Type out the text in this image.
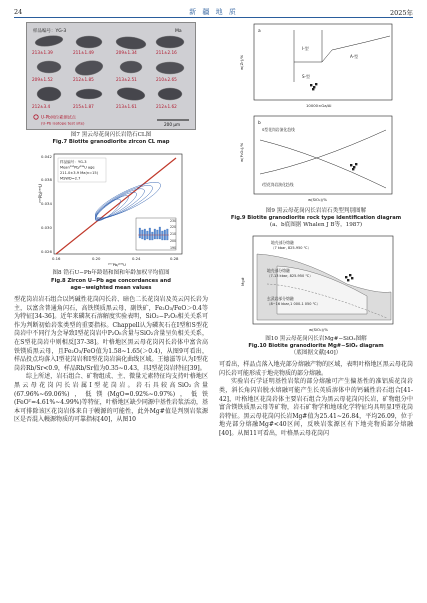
24	新 疆 地 质	2025年
样品编号：YG-3	Ma
213±1.39	211±1.49	209±1.34	211±2.16
209±1.52	212±1.85	213±2.51	210±2.65
212±3.4	215±1.87	213±1.61	212±1.62
U-Pb同位素测试点
(U-Pb isotope test site)	200 μm
图7 黑云母花岗闪长岩锆石CL图
Fig.7 Biotite granodiorite zircon CL map
²⁰⁶Pb/²³⁸U
0.026
0.030
0.034
0.038
0.042
0.16	0.20	0.24	0.28
²⁰⁷Pb/²³⁵U
样品编号：YG-3
Mean²⁰⁶Pb/²³⁸U age
211.0±3.9 Ma(n=15)
MSWD=2.7
230
220
210
200
190
图8 锆石U−Pb年龄谐和图和年龄加权平均值图
Fig.8 Zircon U−Pb age concordances and
age−weighted mean values

型花岗岩岩石组合以钙碱性花岗闪长岩、暗色二长花岗岩及英云闪长岩为主，以富含普通角闪石，高铁镁质黑云母，副铁矿，Fe₂O₃/FeO＞0.4等为特征[34-36]。近年来磷灰石溶解度实验表明，SiO₂−P₂O₅相关关系可作为判断初始岩浆类型的重要指标。Chappell认为磷灰石在I型和S型花岗岩中不同行为会导致I型花岗岩中P₂O₅含量与SiO₂含量呈负相关关系，在S型花岗岩中则相反[37-38]。叶格地区黑云母花岗闪长岩体中富含高铁镁质黑云母，且Fe₂O₃/FeO值为1.58~1.65(＞0.4)，从图9可看出，样品投点均落入I型花岗岩和I型花岗岩演化曲线区域。王德滋等认为I型花岗岩Rb/Sr<0.9，样品Rb/Sr值为0.35~0.43，具I型花岗岩特征[39]。

综上所述，岩石组合、矿物组成、主、微量元素特征均支持叶格地区黑云母花岗闪长岩属I型花岗岩。岩石具较高SiO₂含量(67.96%~69.06%)，低镁(MgO=0.92%~0.97%)，低铁(FeOᵀ=4.61%~4.99%)等特征，叶格地区缺少同源中基性岩浆活动，基本可排除该区花岗岩体来自于幔源的可能性，此外Mg#值是判别岩浆源区是否混入幔源物质的可靠指标[40]，从图10

a
w(Zr)/%
10000×Ga/Al
A-型
I-型
S-型
b
w(P₂O₅)/%
w(SiO₂)/%
S型花岗岩演化趋线
I型花岗岩演化趋线
图9 黑云母花岗闪长岩岩石类型判别图解
Fig.9 Biotite granodiorite rock type identification diagram
(a、b底图据 Whalen J B等，1987)
Mg#
w(SiO₂)/%
地壳部分熔融
（7 kbar, 825-950 ℃）
地壳部分熔融
（7-13 kbar, 825-950 ℃）
玄武岩部分熔融
（8~16 kbar,1 000-1 050 ℃）
图10 黑云母花岗闪长岩Mg#−SiO₂图解
Fig.10 Biotite granodiorite Mg#−SiO₂ diagram
（底图据文献[40]）

可看出，样品点落入地壳部分熔融产物的区域，表明叶格地区黑云母花岗闪长岩可能形成于地壳物质的部分熔融。

实验岩石学证明基性岩浆的部分熔融可产生偏基性的准铝质花岗岩类，斜长角闪岩脱水熔融可能产生长英质溶体中的钙碱性岩石组合[41-42]，叶格地区花岗岩体主要岩石组合为黑云母花岗闪长岩，矿物组分中富含镁铁质黑云母等矿物，岩石矿物学和地球化学特征均具明显I型花岗岩特征。黑云母花岗闪长岩Mg#值为25.41~26.84，平均26.09，位于地壳部分熔融Mg#<40区间，反映岩浆源区有下地壳物质部分熔融[40]。从图11可看出，叶格黑云母花岗闪
